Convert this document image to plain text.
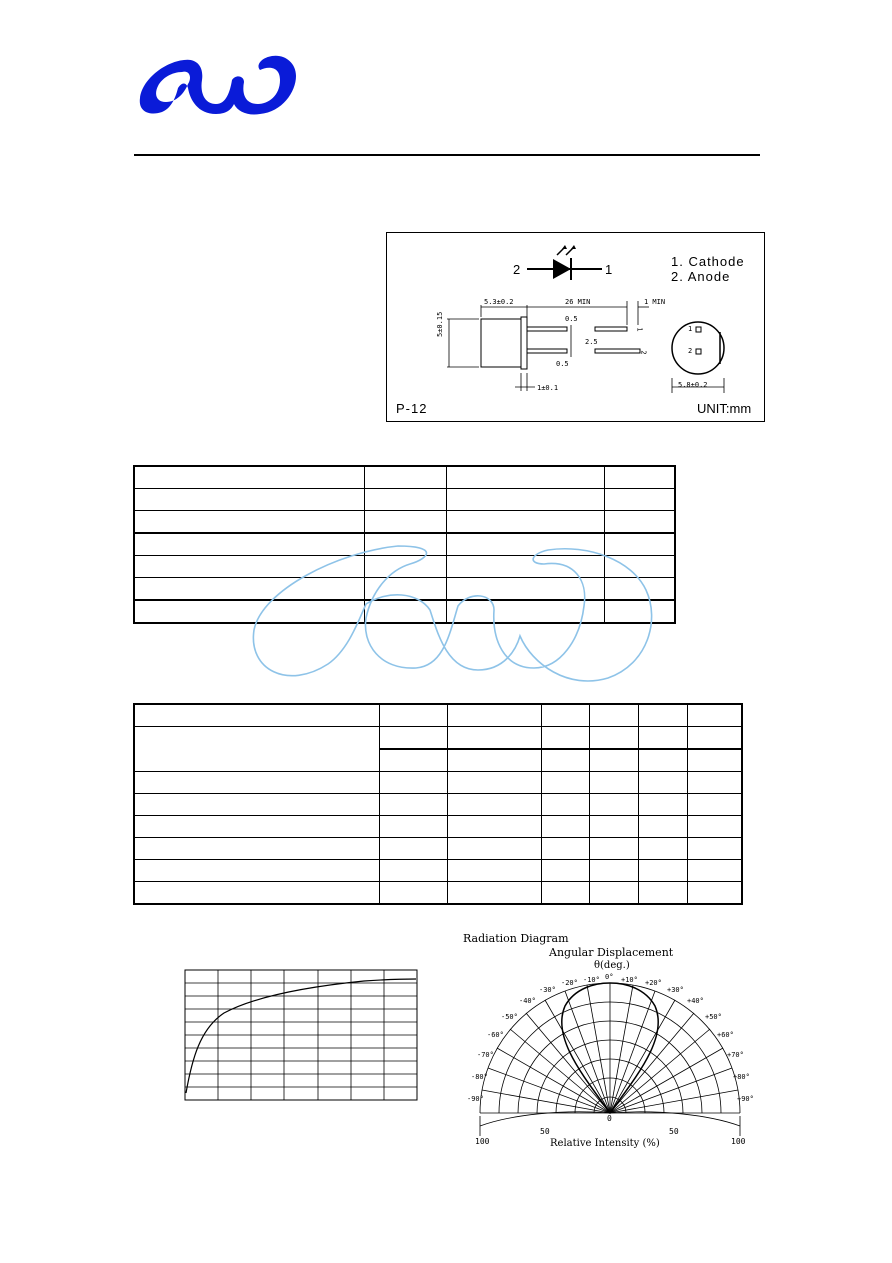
2	1
1. Cathode
2. Anode
5.3±0.2	26 MIN	1 MIN
0.5
2.5
0.5
5±0.15
1±0.1	5.8±0.2
1
2
1
2
P-12	UNIT:mm

Radiation Diagram
Angular Displacement
θ(deg.)
0°
-10°
-20°
-30°
-40°
-50°
-60°
-70°
-80°
-90°
+10° +20°
+30°
+40°
+50°
+60°
+70°
+80°
+90°
100
50
0
50
100
Relative Intensity (%)
